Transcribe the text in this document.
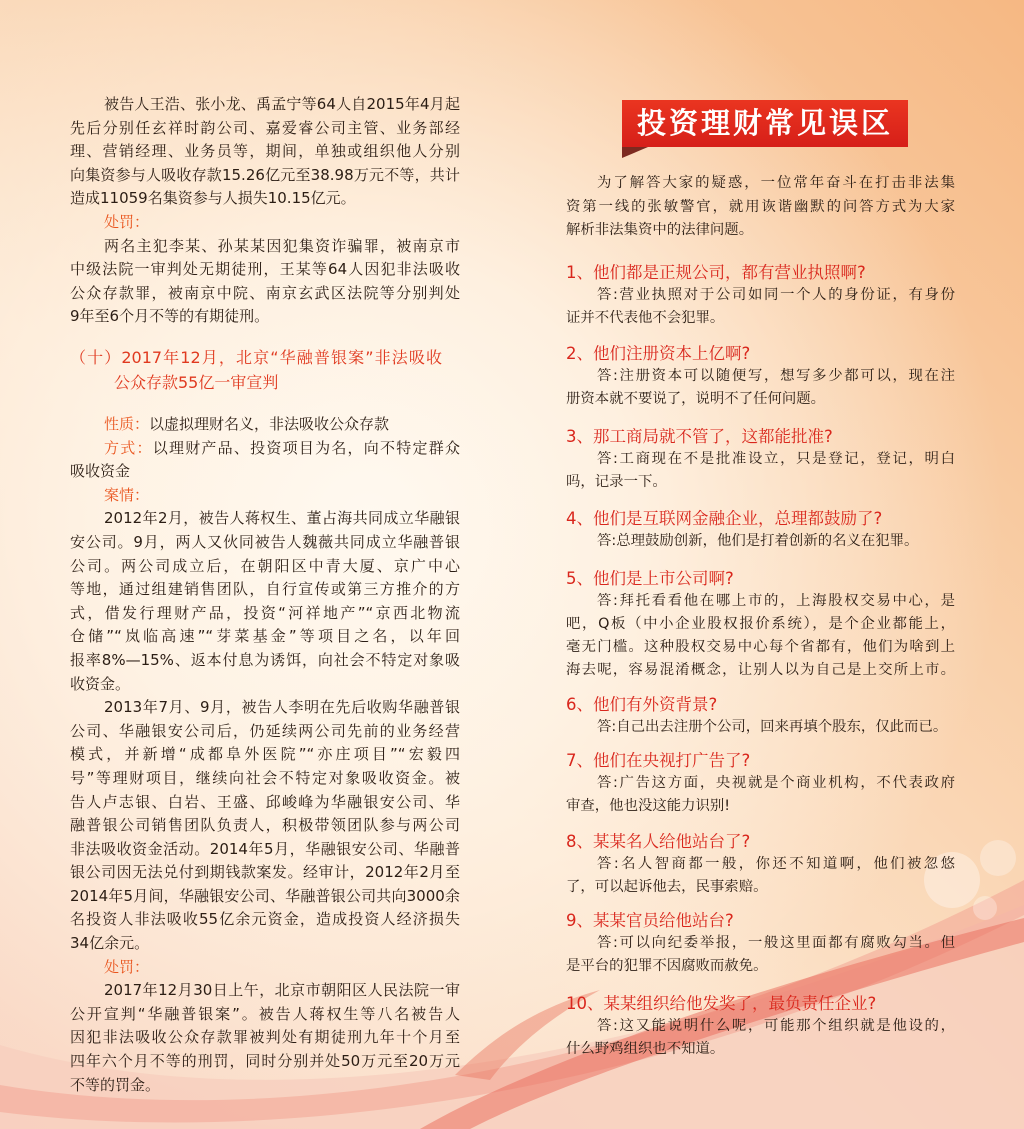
被告人王浩、张小龙、禹孟宁等64人自2015年4月起
先后分别任玄祥时韵公司、嘉爱睿公司主管、业务部经
理、营销经理、业务员等，期间，单独或组织他人分别
向集资参与人吸收存款15.26亿元至38.98万元不等，共计
造成11059名集资参与人损失10.15亿元。
处罚：
两名主犯李某、孙某某因犯集资诈骗罪，被南京市
中级法院一审判处无期徒刑，王某等64人因犯非法吸收
公众存款罪，被南京中院、南京玄武区法院等分别判处
9年至6个月不等的有期徒刑。
（十）2017年12月，北京“华融普银案”非法吸收
公众存款55亿一审宣判
性质：以虚拟理财名义，非法吸收公众存款
方式：以理财产品、投资项目为名，向不特定群众
吸收资金
案情：
2012年2月，被告人蒋权生、董占海共同成立华融银
安公司。9月，两人又伙同被告人魏薇共同成立华融普银
公司。两公司成立后，在朝阳区中青大厦、京广中心
等地，通过组建销售团队，自行宣传或第三方推介的方
式，借发行理财产品，投资“河祥地产”“京西北物流
仓储”“岚临高速”“芽菜基金”等项目之名，以年回
报率8%—15%、返本付息为诱饵，向社会不特定对象吸
收资金。
2013年7月、9月，被告人李明在先后收购华融普银
公司、华融银安公司后，仍延续两公司先前的业务经营
模式，并新增“成都阜外医院”“亦庄项目”“宏毅四
号”等理财项目，继续向社会不特定对象吸收资金。被
告人卢志银、白岩、王盛、邱峻峰为华融银安公司、华
融普银公司销售团队负责人，积极带领团队参与两公司
非法吸收资金活动。2014年5月，华融银安公司、华融普
银公司因无法兑付到期钱款案发。经审计，2012年2月至
2014年5月间，华融银安公司、华融普银公司共向3000余
名投资人非法吸收55亿余元资金，造成投资人经济损失
34亿余元。
处罚：
2017年12月30日上午，北京市朝阳区人民法院一审
公开宣判“华融普银案”。被告人蒋权生等八名被告人
因犯非法吸收公众存款罪被判处有期徒刑九年十个月至
四年六个月不等的刑罚，同时分别并处50万元至20万元
不等的罚金。
投资理财常见误区
为了解答大家的疑惑，一位常年奋斗在打击非法集
资第一线的张敏警官，就用诙谐幽默的问答方式为大家
解析非法集资中的法律问题。
1、他们都是正规公司，都有营业执照啊?
答:营业执照对于公司如同一个人的身份证，有身份
证并不代表他不会犯罪。
2、他们注册资本上亿啊?
答:注册资本可以随便写，想写多少都可以，现在注
册资本就不要说了，说明不了任何问题。
3、那工商局就不管了，这都能批准?
答:工商现在不是批准设立，只是登记，登记，明白
吗，记录一下。
4、他们是互联网金融企业，总理都鼓励了?
答:总理鼓励创新，他们是打着创新的名义在犯罪。
5、他们是上市公司啊?
答:拜托看看他在哪上市的，上海股权交易中心，是
吧，Q板（中小企业股权报价系统），是个企业都能上，
毫无门槛。这种股权交易中心每个省都有，他们为啥到上
海去呢，容易混淆概念，让别人以为自己是上交所上市。
6、他们有外资背景?
答:自己出去注册个公司，回来再填个股东，仅此而已。
7、他们在央视打广告了?
答:广告这方面，央视就是个商业机构，不代表政府
审查，他也没这能力识别!
8、某某名人给他站台了?
答:名人智商都一般，你还不知道啊，他们被忽悠
了，可以起诉他去，民事索赔。
9、某某官员给他站台?
答:可以向纪委举报，一般这里面都有腐败勾当。但
是平台的犯罪不因腐败而赦免。
10、某某组织给他发奖了，最负责任企业?
答:这又能说明什么呢，可能那个组织就是他设的，
什么野鸡组织也不知道。
